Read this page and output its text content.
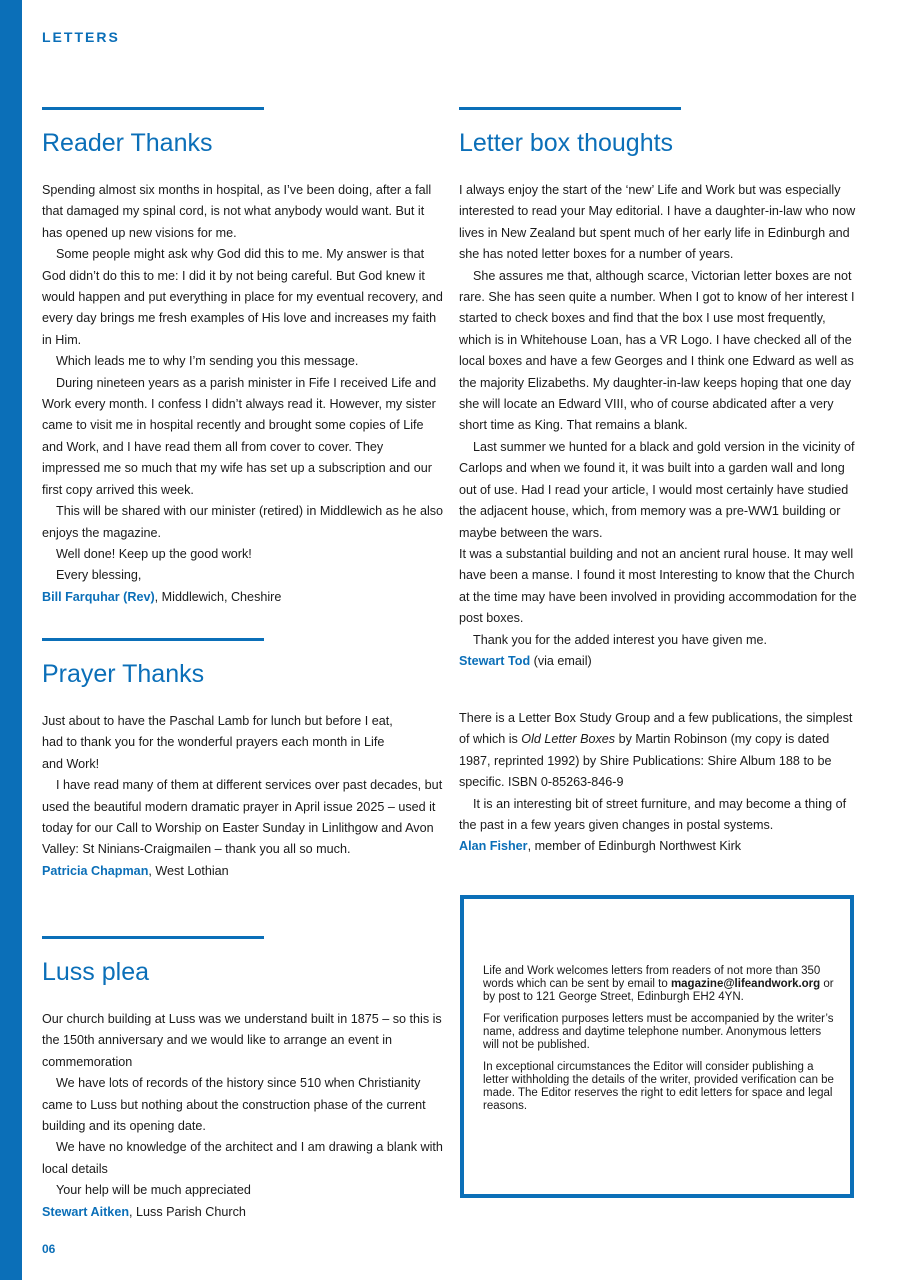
LETTERS
Reader Thanks

Spending almost six months in hospital, as I’ve been doing, after a fall that damaged my spinal cord, is not what anybody would want. But it has opened up new visions for me.

Some people might ask why God did this to me. My answer is that God didn’t do this to me: I did it by not being careful. But God knew it would happen and put everything in place for my eventual recovery, and every day brings me fresh examples of His love and increases my faith in Him.

Which leads me to why I’m sending you this message.

During nineteen years as a parish minister in Fife I received Life and Work every month. I confess I didn’t always read it. However, my sister came to visit me in hospital recently and brought some copies of Life and Work, and I have read them all from cover to cover. They impressed me so much that my wife has set up a subscription and our first copy arrived this week.

This will be shared with our minister (retired) in Middlewich as he also enjoys the magazine.

Well done! Keep up the good work!

Every blessing,

Bill Farquhar (Rev), Middlewich, Cheshire

Prayer Thanks

Just about to have the Paschal Lamb for lunch but before I eat, had to thank you for the wonderful prayers each month in Life and Work!

I have read many of them at different services over past decades, but used the beautiful modern dramatic prayer in April issue 2025 – used it today for our Call to Worship on Easter Sunday in Linlithgow and Avon Valley: St Ninians-Craigmailen – thank you all so much.

Patricia Chapman, West Lothian

Luss plea

Our church building at Luss was we understand built in 1875 – so this is the 150th anniversary and we would like to arrange an event in commemoration

We have lots of records of the history since 510 when Christianity came to Luss but nothing about the construction phase of the current building and its opening date.

We have no knowledge of the architect and I am drawing a blank with local details

Your help will be much appreciated

Stewart Aitken, Luss Parish Church

Letter box thoughts

I always enjoy the start of the ‘new’ Life and Work but was especially interested to read your May editorial. I have a daughter-in-law who now lives in New Zealand but spent much of her early life in Edinburgh and she has noted letter boxes for a number of years.

She assures me that, although scarce, Victorian letter boxes are not rare. She has seen quite a number. When I got to know of her interest I started to check boxes and find that the box I use most frequently, which is in Whitehouse Loan, has a VR Logo. I have checked all of the local boxes and have a few Georges and I think one Edward as well as the majority Elizabeths. My daughter-in-law keeps hoping that one day she will locate an Edward VIII, who of course abdicated after a very short time as King. That remains a blank.

Last summer we hunted for a black and gold version in the vicinity of Carlops and when we found it, it was built into a garden wall and long out of use. Had I read your article, I would most certainly have studied the adjacent house, which, from memory was a pre-WW1 building or maybe between the wars.

It was a substantial building and not an ancient rural house. It may well have been a manse. I found it most Interesting to know that the Church at the time may have been involved in providing accommodation for the post boxes.

Thank you for the added interest you have given me.

Stewart Tod (via email)

There is a Letter Box Study Group and a few publications, the simplest of which is Old Letter Boxes by Martin Robinson (my copy is dated 1987, reprinted 1992) by Shire Publications: Shire Album 188 to be specific. ISBN 0-85263-846-9

It is an interesting bit of street furniture, and may become a thing of the past in a few years given changes in postal systems.

Alan Fisher, member of Edinburgh Northwest Kirk

Life and Work welcomes letters from readers of not more than 350 words which can be sent by email to magazine@lifeandwork.org or by post to 121 George Street, Edinburgh EH2 4YN.

For verification purposes letters must be accompanied by the writer’s name, address and daytime telephone number. Anonymous letters will not be published.

In exceptional circumstances the Editor will consider publishing a letter withholding the details of the writer, provided verification can be made. The Editor reserves the right to edit letters for space and legal reasons.

06
